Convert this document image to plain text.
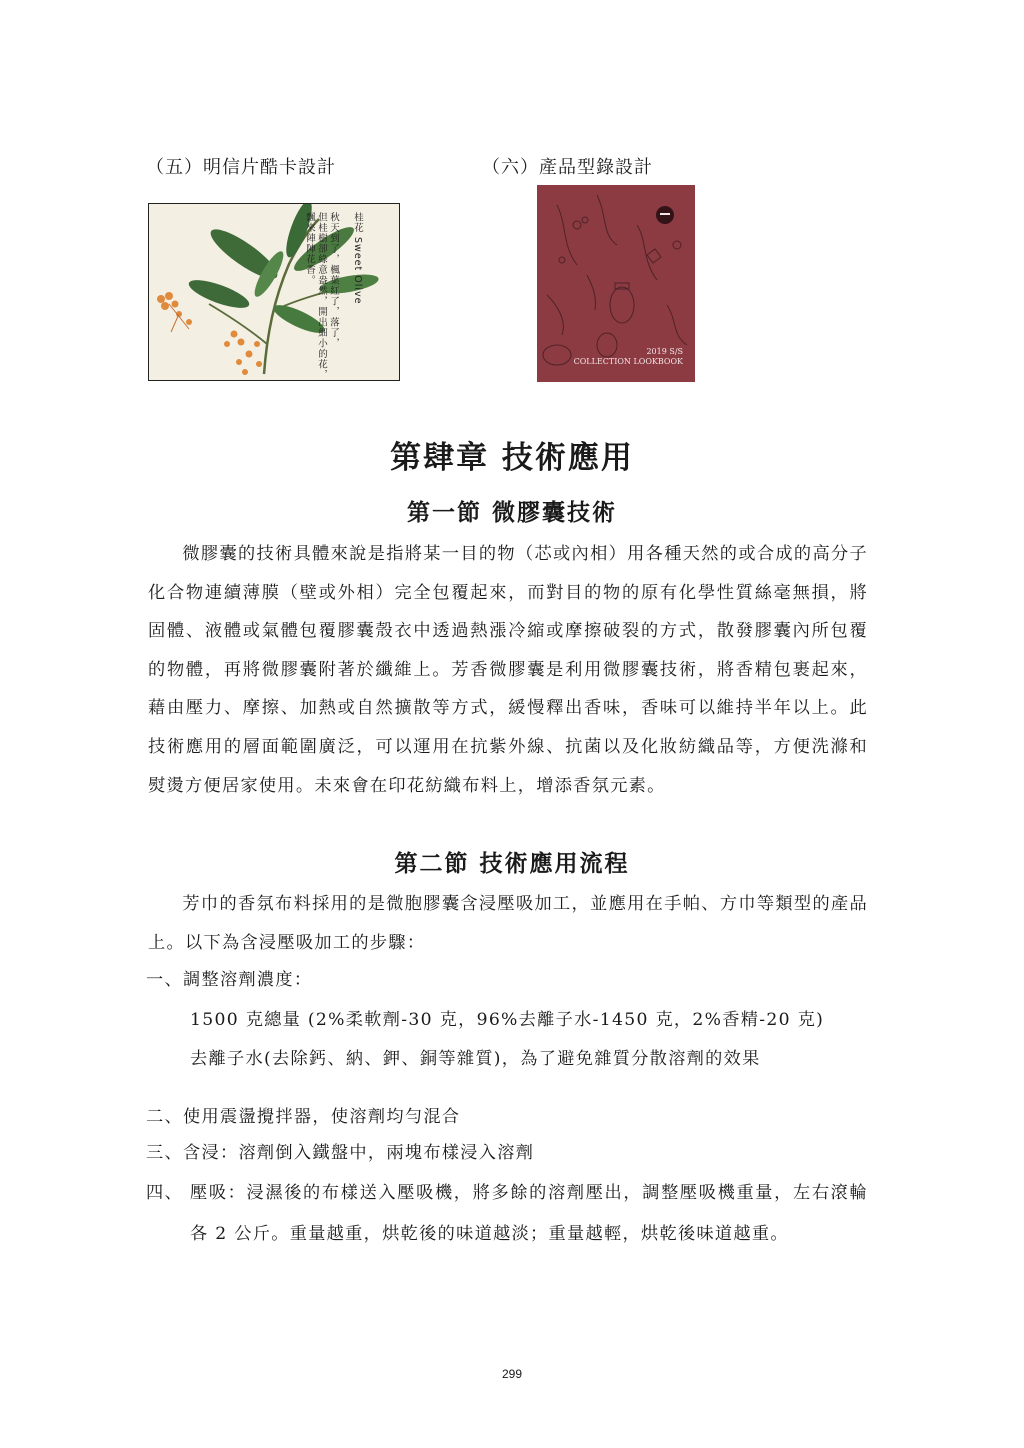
（五）明信片酷卡設計	（六）產品型錄設計
桂花 Sweet Olive
秋天到了，楓葉紅了，落了，
但桂樹卻綠意盎然，開出細小的花，
飄來陣陣花香。
2019 S/S
COLLECTION LOOKBOOK
第肆章 技術應用
第一節 微膠囊技術

微膠囊的技術具體來說是指將某一目的物（芯或內相）用各種天然的或合成的高分子化合物連續薄膜（壁或外相）完全包覆起來，而對目的物的原有化學性質絲毫無損，將固體、液體或氣體包覆膠囊殼衣中透過熱漲冷縮或摩擦破裂的方式，散發膠囊內所包覆的物體，再將微膠囊附著於纖維上。芳香微膠囊是利用微膠囊技術，將香精包裹起來，藉由壓力、摩擦、加熱或自然擴散等方式，緩慢釋出香味，香味可以維持半年以上。此技術應用的層面範圍廣泛，可以運用在抗紫外線、抗菌以及化妝紡織品等，方便洗滌和熨燙方便居家使用。未來會在印花紡織布料上，增添香氛元素。

第二節 技術應用流程

芳巾的香氛布料採用的是微胞膠囊含浸壓吸加工，並應用在手帕、方巾等類型的產品上。以下為含浸壓吸加工的步驟：

一、調整溶劑濃度：
1500 克總量 (2%柔軟劑-30 克，96%去離子水-1450 克，2%香精-20 克)
去離子水(去除鈣、納、鉀、銅等雜質)，為了避免雜質分散溶劑的效果
二、使用震盪攪拌器，使溶劑均勻混合
三、含浸：溶劑倒入鐵盤中，兩塊布樣浸入溶劑
四、 壓吸：浸濕後的布樣送入壓吸機，將多餘的溶劑壓出，調整壓吸機重量，左右滾輪各 2 公斤。重量越重，烘乾後的味道越淡；重量越輕，烘乾後味道越重。
299
